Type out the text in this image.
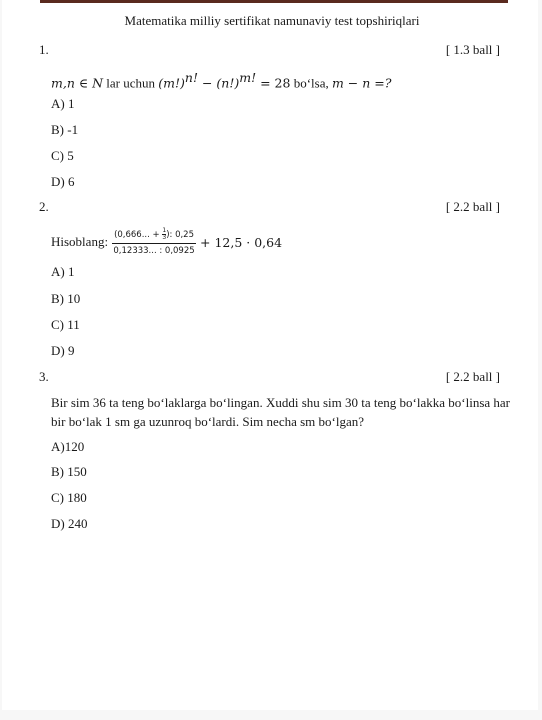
Matematika milliy sertifikat namunaviy test topshiriqlari
1.	[ 1.3 ball ]
m,n ∈ N lar uchun $(m!)^{n!} - (n!)^{m!} = 28$ bo‘lsa, m − n =?
A) 1
B) -1
C) 5
D) 6
2.	[ 2.2 ball ]
Hisoblang: $\frac{(0,666... + \frac{1}{3} ): 0,25}{0,12333... : 0,0925} + 12,5 \cdot 0,64$
A) 1
B) 10
C) 11
D) 9
3.	[ 2.2 ball ]
Bir sim 36 ta teng bo‘laklarga bo‘lingan. Xuddi shu sim 30 ta teng bo‘lakka bo‘linsa har bir bo‘lak 1 sm ga uzunroq bo‘lardi. Sim necha sm bo‘lgan?
A)120
B) 150
C) 180
D) 240
